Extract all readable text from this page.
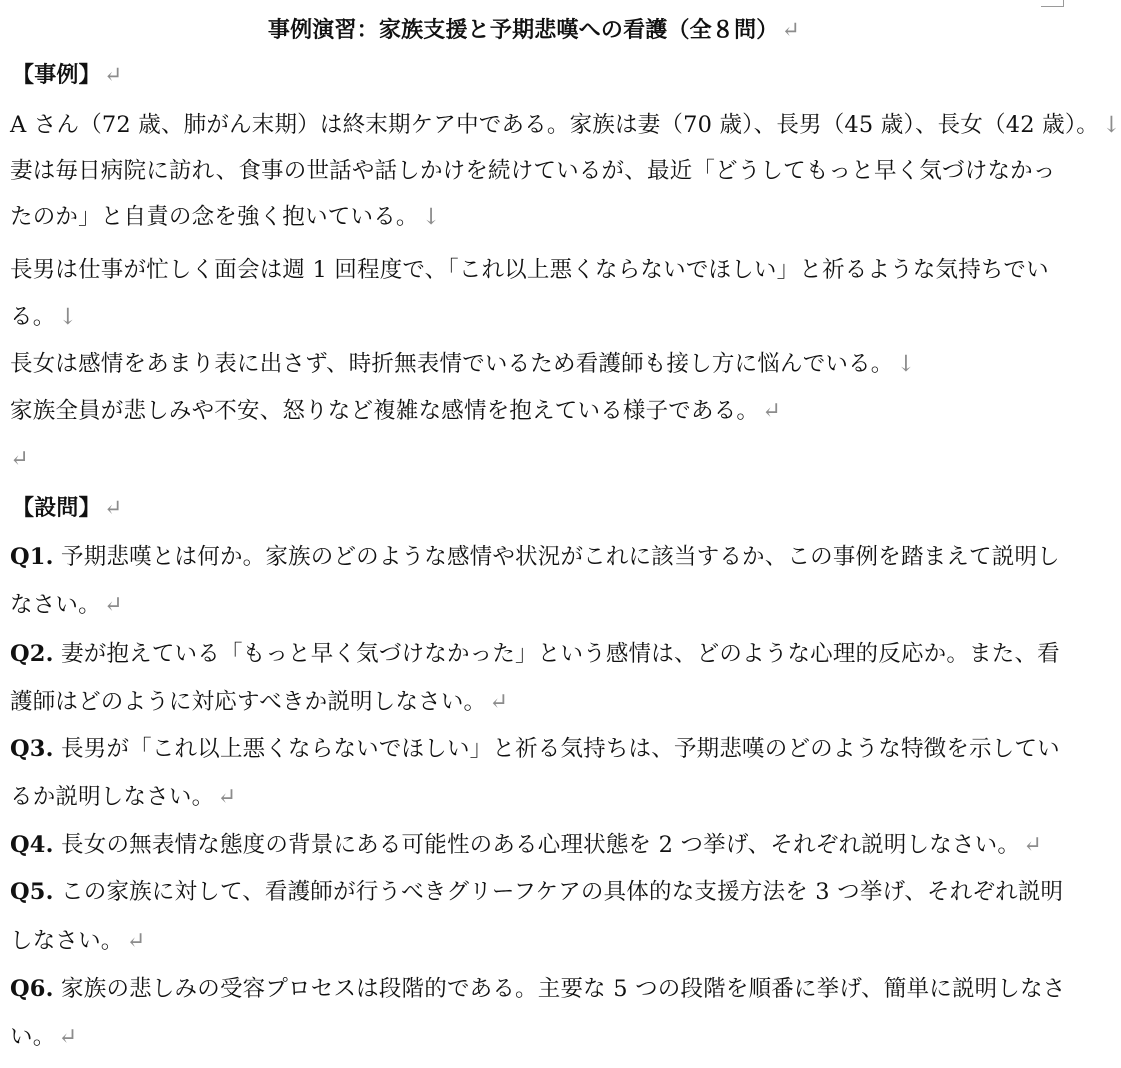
事例演習：家族支援と予期悲嘆への看護（全８問） ↵
【事例】 ↵
A さん（72 歳、肺がん末期）は終末期ケア中である。家族は妻（70 歳）、長男（45 歳）、長女（42 歳）。 ↓
妻は毎日病院に訪れ、食事の世話や話しかけを続けているが、最近「どうしてもっと早く気づけなかっ
たのか」と自責の念を強く抱いている。 ↓
長男は仕事が忙しく面会は週 1 回程度で、「これ以上悪くならないでほしい」と祈るような気持ちでい
る。 ↓
長女は感情をあまり表に出さず、時折無表情でいるため看護師も接し方に悩んでいる。 ↓
家族全員が悲しみや不安、怒りなど複雑な感情を抱えている様子である。 ↵
↵
【設問】 ↵
Q1. 予期悲嘆とは何か。家族のどのような感情や状況がこれに該当するか、この事例を踏まえて説明し
なさい。 ↵
Q2. 妻が抱えている「もっと早く気づけなかった」という感情は、どのような心理的反応か。また、看
護師はどのように対応すべきか説明しなさい。 ↵
Q3. 長男が「これ以上悪くならないでほしい」と祈る気持ちは、予期悲嘆のどのような特徴を示してい
るか説明しなさい。 ↵
Q4. 長女の無表情な態度の背景にある可能性のある心理状態を 2 つ挙げ、それぞれ説明しなさい。 ↵
Q5. この家族に対して、看護師が行うべきグリーフケアの具体的な支援方法を 3 つ挙げ、それぞれ説明
しなさい。 ↵
Q6. 家族の悲しみの受容プロセスは段階的である。主要な 5 つの段階を順番に挙げ、簡単に説明しなさ
い。 ↵
